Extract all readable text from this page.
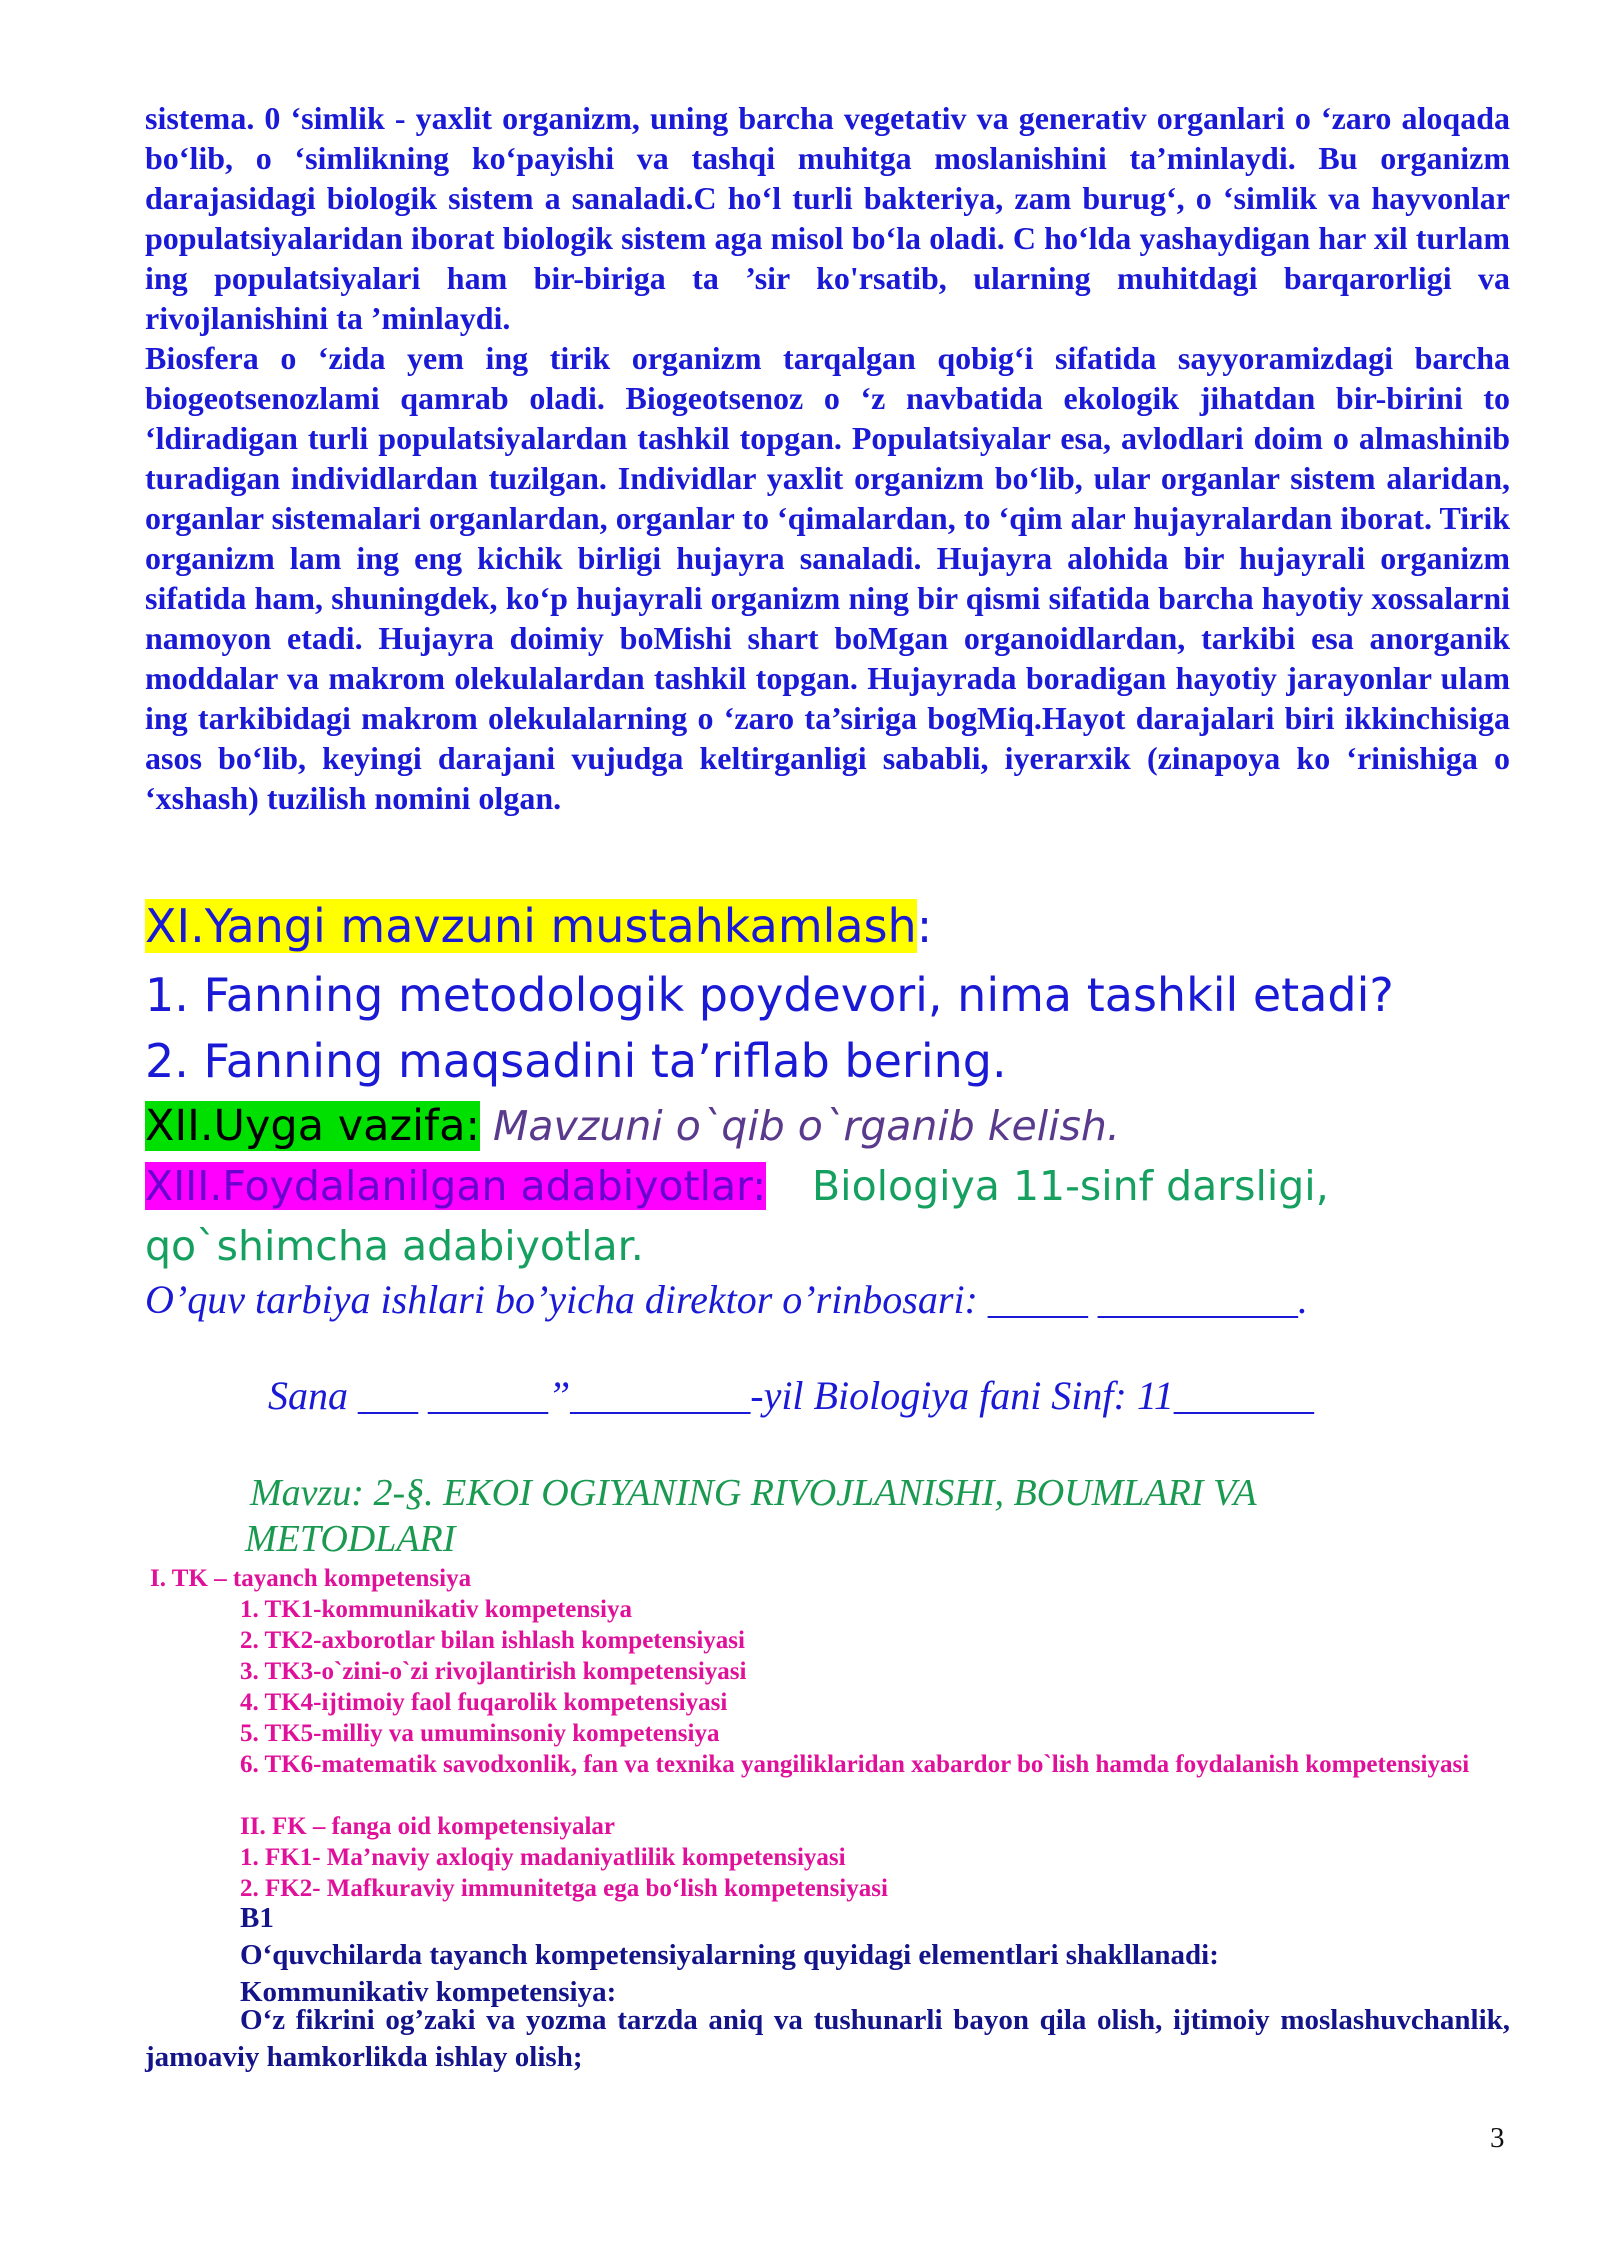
sistema. 0 ‘simlik - yaxlit organizm, uning barcha vegetativ va generativ organlari o ‘zaro aloqada bo‘lib, o ‘simlikning ko‘payishi va tashqi muhitga moslanishini ta’minlaydi. Bu organizm darajasidagi biologik sistem a sanaladi.C ho‘l turli bakteriya, zam burug‘, o ‘simlik va hayvonlar populatsiyalaridan iborat biologik sistem aga misol bo‘la oladi. C ho‘lda yashaydigan har xil turlam ing populatsiyalari ham bir-biriga ta ’sir ko'rsatib, ularning muhitdagi barqarorligi va rivojlanishini ta ’minlaydi.

Biosfera o ‘zida yem ing tirik organizm tarqalgan qobig‘i sifatida sayyoramizdagi barcha biogeotsenozlami qamrab oladi. Biogeotsenoz o ‘z navbatida ekologik jihatdan bir-birini to ‘ldiradigan turli populatsiyalardan tashkil topgan. Populatsiyalar esa, avlodlari doim o almashinib turadigan individlardan tuzilgan. Individlar yaxlit organizm bo‘lib, ular organlar sistem alaridan, organlar sistemalari organlardan, organlar to ‘qimalardan, to ‘qim alar hujayralardan iborat. Tirik organizm lam ing eng kichik birligi hujayra sanaladi. Hujayra alohida bir hujayrali organizm sifatida ham, shuningdek, ko‘p hujayrali organizm ning bir qismi sifatida barcha hayotiy xossalarni namoyon etadi. Hujayra doimiy boMishi shart boMgan organoidlardan, tarkibi esa anorganik moddalar va makrom olekulalardan tashkil topgan. Hujayrada boradigan hayotiy jarayonlar ulam ing tarkibidagi makrom olekulalarning o ‘zaro ta’siriga bogMiq.Hayot darajalari biri ikkinchisiga asos bo‘lib, keyingi darajani vujudga keltirganligi sababli, iyerarxik (zinapoya ko ‘rinishiga o ‘xshash) tuzilish nomini olgan.

XI.Yangi mavzuni mustahkamlash:
1. Fanning metodologik poydevori, nima tashkil etadi?
2. Fanning maqsadini ta’riflab bering.
XII.Uyga vazifa: Mavzuni o`qib o`rganib kelish.
XIII.Foydalanilgan adabiyotlar: Biologiya 11-sinf darsligi,
qo`shimcha adabiyotlar.
O’quv tarbiya ishlari bo’yicha direktor o’rinbosari: _____ __________.
Sana ___ ______”_________-yil Biologiya fani Sinf: 11_______
Mavzu: 2-§. EKOI OGIYANING RIVOJLANISHI, BOUMLARI VA
METODLARI
I. TK – tayanch kompetensiya
1. TK1-kommunikativ kompetensiya
2. TK2-axborotlar bilan ishlash kompetensiyasi
3. TK3-o`zini-o`zi rivojlantirish kompetensiyasi
4. TK4-ijtimoiy faol fuqarolik kompetensiyasi
5. TK5-milliy va umuminsoniy kompetensiya

6. TK6-matematik savodxonlik, fan va texnika yangiliklaridan xabardor bo`lish hamda foydalanish kompetensiyasi

II. FK – fanga oid kompetensiyalar
1. FK1- Ma’naviy axloqiy madaniyatlilik kompetensiyasi
2. FK2- Mafkuraviy immunitetga ega bo‘lish kompetensiyasi
B1
O‘quvchilarda tayanch kompetensiyalarning quyidagi elementlari shakllanadi:
Kommunikativ kompetensiya:

O‘z fikrini og’zaki va yozma tarzda aniq va tushunarli bayon qila olish, ijtimoiy moslashuvchanlik, jamoaviy hamkorlikda ishlay olish;

3
